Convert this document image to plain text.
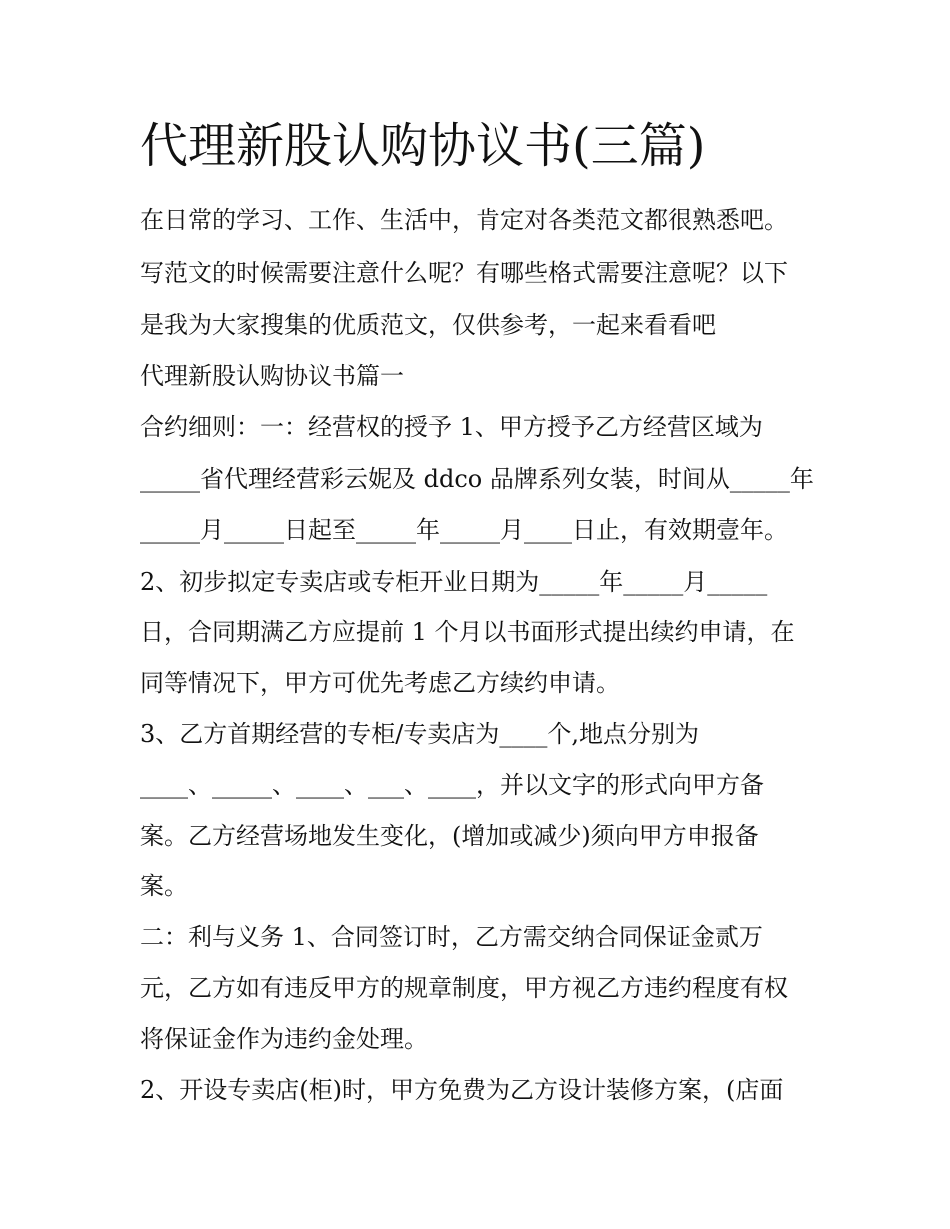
代理新股认购协议书(三篇)

在日常的学习、工作、生活中，肯定对各类范文都很熟悉吧。

写范文的时候需要注意什么呢？有哪些格式需要注意呢？以下

是我为大家搜集的优质范文，仅供参考，一起来看看吧

代理新股认购协议书篇一

合约细则：一：经营权的授予 1、甲方授予乙方经营区域为

_____省代理经营彩云妮及 ddco 品牌系列女装，时间从_____年

_____月_____日起至_____年_____月____日止，有效期壹年。

2、初步拟定专卖店或专柜开业日期为_____年_____月_____

日，合同期满乙方应提前 1 个月以书面形式提出续约申请，在

同等情况下，甲方可优先考虑乙方续约申请。

3、乙方首期经营的专柜/专卖店为____个,地点分别为

____、_____、____、___、____，并以文字的形式向甲方备

案。乙方经营场地发生变化，(增加或减少)须向甲方申报备

案。

二：利与义务 1、合同签订时，乙方需交纳合同保证金贰万

元，乙方如有违反甲方的规章制度，甲方视乙方违约程度有权

将保证金作为违约金处理。

2、开设专卖店(柜)时，甲方免费为乙方设计装修方案，(店面
